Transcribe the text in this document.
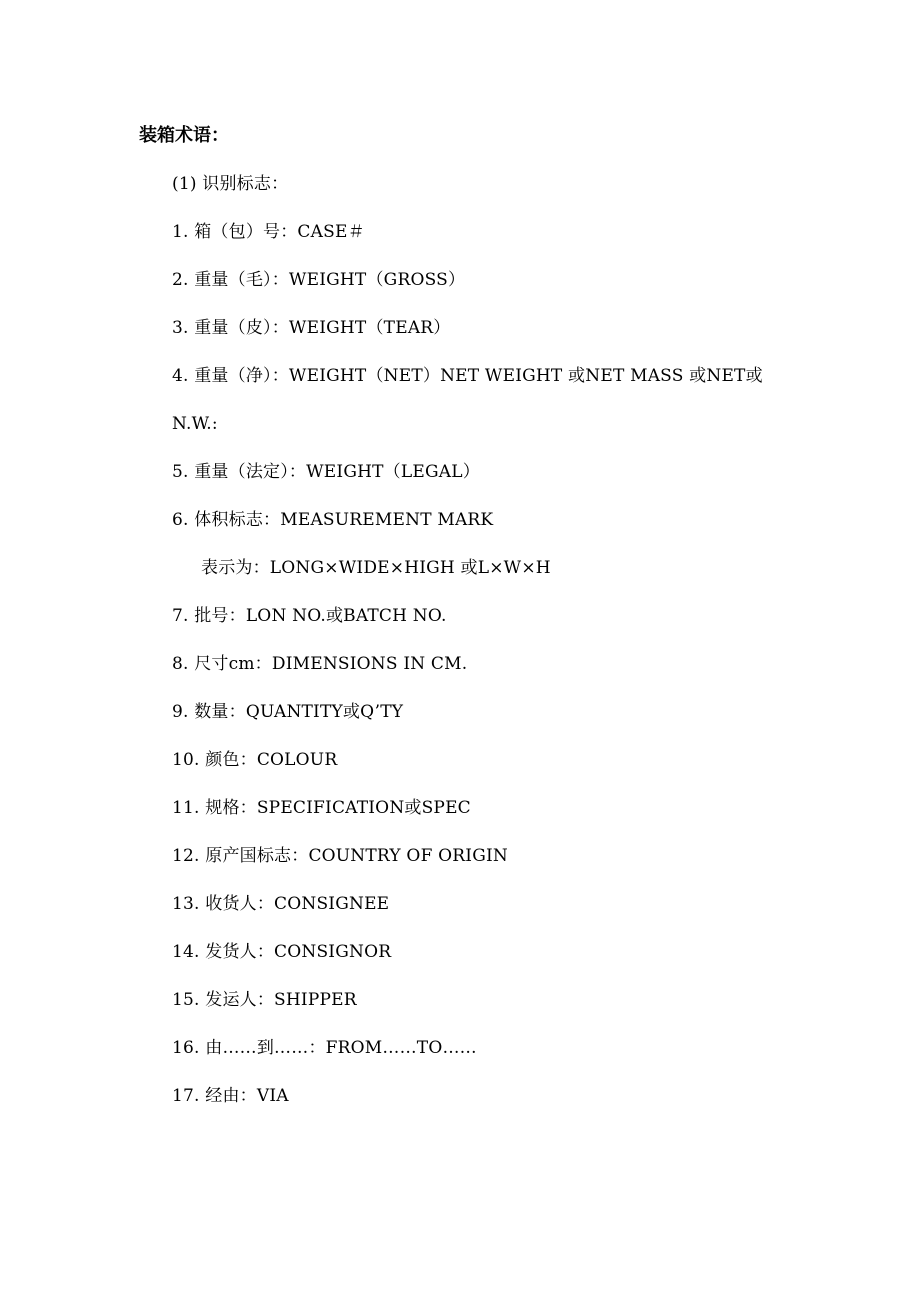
装箱术语：
(1) 识别标志：
1. 箱（包）号：CASE＃
2. 重量（毛）：WEIGHT（GROSS）
3. 重量（皮）：WEIGHT（TEAR）
4. 重量（净）：WEIGHT（NET）NET WEIGHT 或NET MASS 或NET或
N.W.:
5. 重量（法定）：WEIGHT（LEGAL）
6. 体积标志：MEASUREMENT MARK
表示为：LONG×WIDE×HIGH 或L×W×H
7. 批号：LON NO.或BATCH NO.
8. 尺寸cm：DIMENSIONS IN CM.
9. 数量：QUANTITY或Q’TY
10. 颜色：COLOUR
11. 规格：SPECIFICATION或SPEC
12. 原产国标志：COUNTRY OF ORIGIN
13. 收货人：CONSIGNEE
14. 发货人：CONSIGNOR
15. 发运人：SHIPPER
16. 由……到……：FROM……TO……
17. 经由：VIA
